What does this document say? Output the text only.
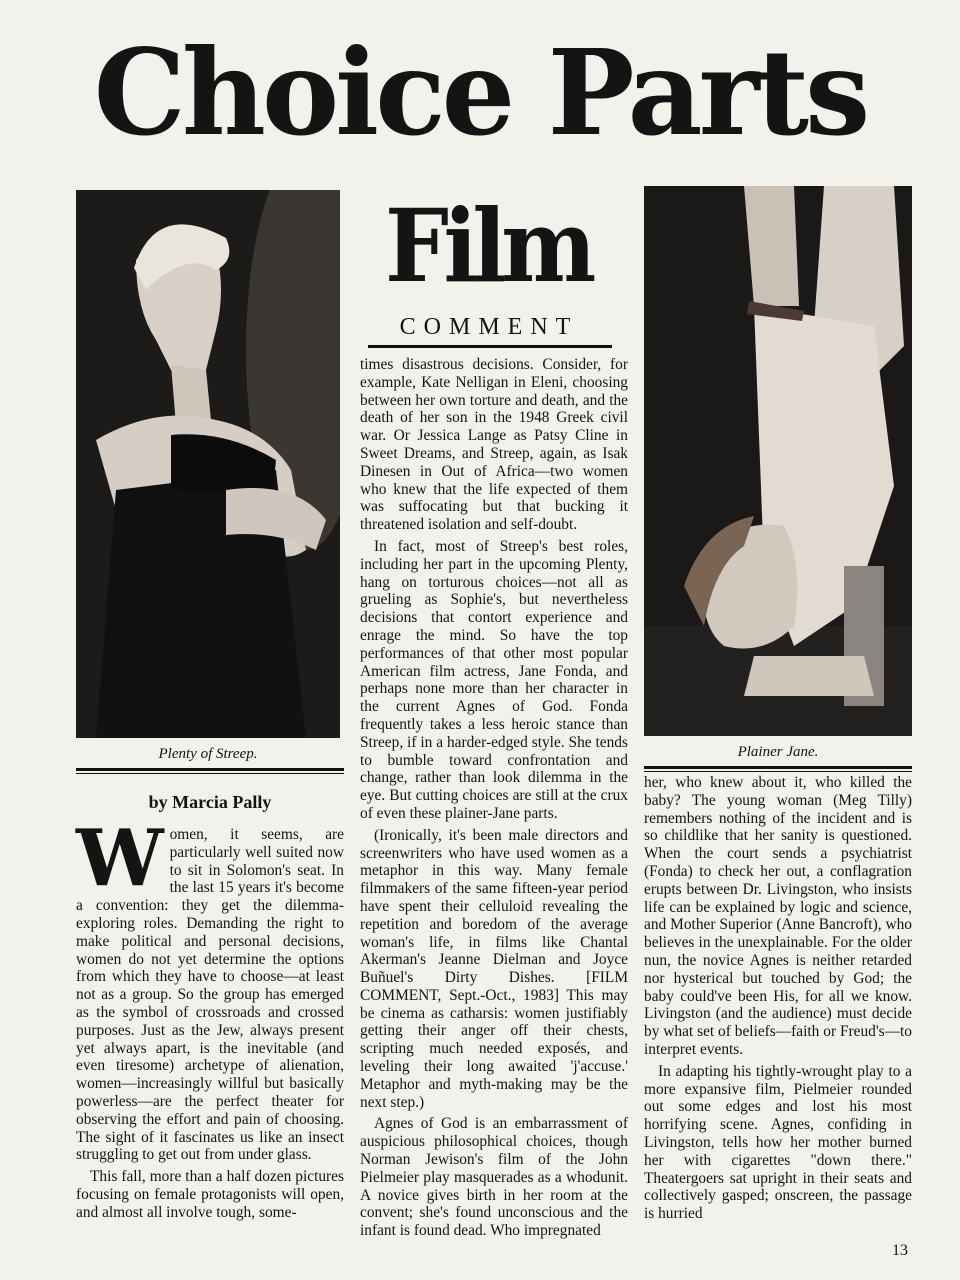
Choice Parts
Plenty of Streep.
Film
COMMENT
Plainer Jane.
by Marcia Pally

Women, it seems, are particularly well suited now to sit in Solomon's seat. In the last 15 years it's become a convention: they get the dilemma-exploring roles. Demanding the right to make political and personal decisions, women do not yet determine the options from which they have to choose—at least not as a group. So the group has emerged as the symbol of crossroads and crossed purposes. Just as the Jew, always present yet always apart, is the inevitable (and even tiresome) archetype of alienation, women—increasingly willful but basically powerless—are the perfect theater for observing the effort and pain of choosing. The sight of it fascinates us like an insect struggling to get out from under glass.

This fall, more than a half dozen pictures focusing on female protagonists will open, and almost all involve tough, some-

times disastrous decisions. Consider, for example, Kate Nelligan in Eleni, choosing between her own torture and death, and the death of her son in the 1948 Greek civil war. Or Jessica Lange as Patsy Cline in Sweet Dreams, and Streep, again, as Isak Dinesen in Out of Africa—two women who knew that the life expected of them was suffocating but that bucking it threatened isolation and self-doubt.

In fact, most of Streep's best roles, including her part in the upcoming Plenty, hang on torturous choices—not all as grueling as Sophie's, but nevertheless decisions that contort experience and enrage the mind. So have the top performances of that other most popular American film actress, Jane Fonda, and perhaps none more than her character in the current Agnes of God. Fonda frequently takes a less heroic stance than Streep, if in a harder-edged style. She tends to bumble toward confrontation and change, rather than look dilemma in the eye. But cutting choices are still at the crux of even these plainer-Jane parts.

(Ironically, it's been male directors and screenwriters who have used women as a metaphor in this way. Many female filmmakers of the same fifteen-year period have spent their celluloid revealing the repetition and boredom of the average woman's life, in films like Chantal Akerman's Jeanne Dielman and Joyce Buñuel's Dirty Dishes. [FILM COMMENT, Sept.-Oct., 1983] This may be cinema as catharsis: women justifiably getting their anger off their chests, scripting much needed exposés, and leveling their long awaited 'j'accuse.' Metaphor and myth-making may be the next step.)

Agnes of God is an embarrassment of auspicious philosophical choices, though Norman Jewison's film of the John Pielmeier play masquerades as a whodunit. A novice gives birth in her room at the convent; she's found unconscious and the infant is found dead. Who impregnated

her, who knew about it, who killed the baby? The young woman (Meg Tilly) remembers nothing of the incident and is so childlike that her sanity is questioned. When the court sends a psychiatrist (Fonda) to check her out, a conflagration erupts between Dr. Livingston, who insists life can be explained by logic and science, and Mother Superior (Anne Bancroft), who believes in the unexplainable. For the older nun, the novice Agnes is neither retarded nor hysterical but touched by God; the baby could've been His, for all we know. Livingston (and the audience) must decide by what set of beliefs—faith or Freud's—to interpret events.

In adapting his tightly-wrought play to a more expansive film, Pielmeier rounded out some edges and lost his most horrifying scene. Agnes, confiding in Livingston, tells how her mother burned her with cigarettes "down there." Theatergoers sat upright in their seats and collectively gasped; onscreen, the passage is hurried

13
